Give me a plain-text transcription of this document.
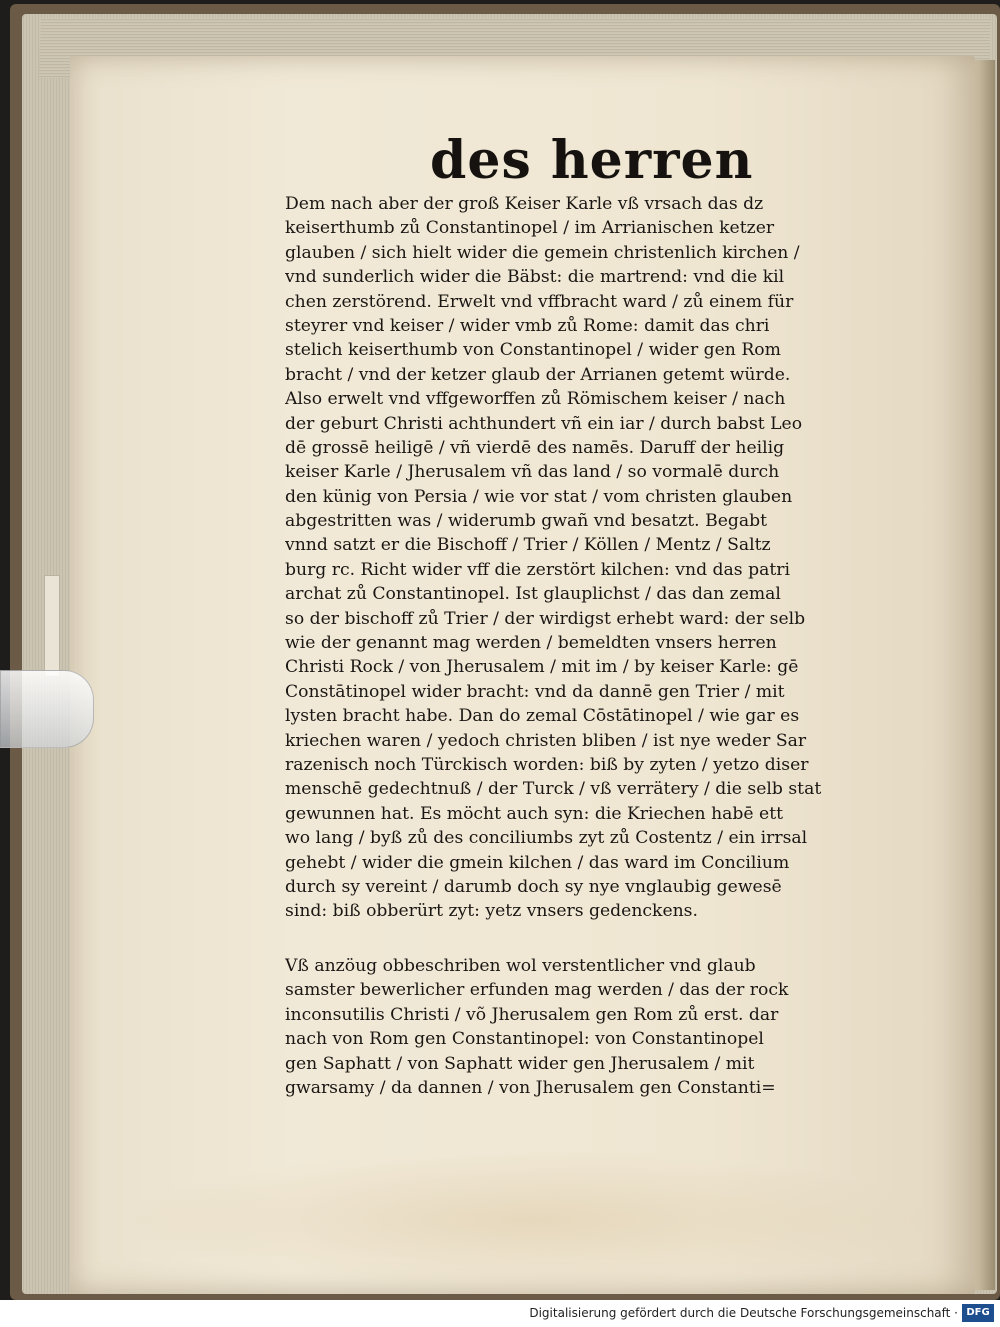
des herren
Dem nach aber der groß Keiser Karle vß vrsach das dz
keiserthumb zů Constantinopel / im Arrianischen ketzer
glauben / sich hielt wider die gemein christenlich kirchen /
vnd sunderlich wider die Bäbst: die martrend: vnd die kil
chen zerstörend. Erwelt vnd vffbracht ward / zů einem für
steyrer vnd keiser / wider vmb zů Rome: damit das chri
stelich keiserthumb von Constantinopel / wider gen Rom
bracht / vnd der ketzer glaub der Arrianen getemt würde.
Also erwelt vnd vffgeworffen zů Römischem keiser / nach
der geburt Christi achthundert vñ ein iar / durch babst Leo
dē grossē heiligē / vñ vierdē des namēs. Daruff der heilig
keiser Karle / Jherusalem vñ das land / so vormalē durch
den künig von Persia / wie vor stat / vom christen glauben
abgestritten was / widerumb gwañ vnd besatzt. Begabt
vnnd satzt er die Bischoff / Trier / Köllen / Mentz / Saltz
burg rc. Richt wider vff die zerstört kilchen: vnd das patri
archat zů Constantinopel. Ist glauplichst / das dan zemal
so der bischoff zů Trier / der wirdigst erhebt ward: der selb
wie der genannt mag werden / bemeldten vnsers herren
Christi Rock / von Jherusalem / mit im / by keiser Karle: gē
Constātinopel wider bracht: vnd da dannē gen Trier / mit
lysten bracht habe. Dan do zemal Cōstātinopel / wie gar es
kriechen waren / yedoch christen bliben / ist nye weder Sar
razenisch noch Türckisch worden: biß by zyten / yetzo diser
menschē gedechtnuß / der Turck / vß verrätery / die selb stat
gewunnen hat. Es möcht auch syn: die Kriechen habē ett
wo lang / byß zů des conciliumbs zyt zů Costentz / ein irrsal
gehebt / wider die gmein kilchen / das ward im Concilium
durch sy vereint / darumb doch sy nye vnglaubig gewesē
sind: biß obberürt zyt: yetz vnsers gedenckens.
Vß anzöug obbeschriben wol verstentlicher vnd glaub
samster bewerlicher erfunden mag werden / das der rock
inconsutilis Christi / võ Jherusalem gen Rom zů erst. dar
nach von Rom gen Constantinopel: von Constantinopel
gen Saphatt / von Saphatt wider gen Jherusalem / mit
gwarsamy / da dannen / von Jherusalem gen Constanti=
Digitalisierung gefördert durch die Deutsche Forschungsgemeinschaft · DFG
